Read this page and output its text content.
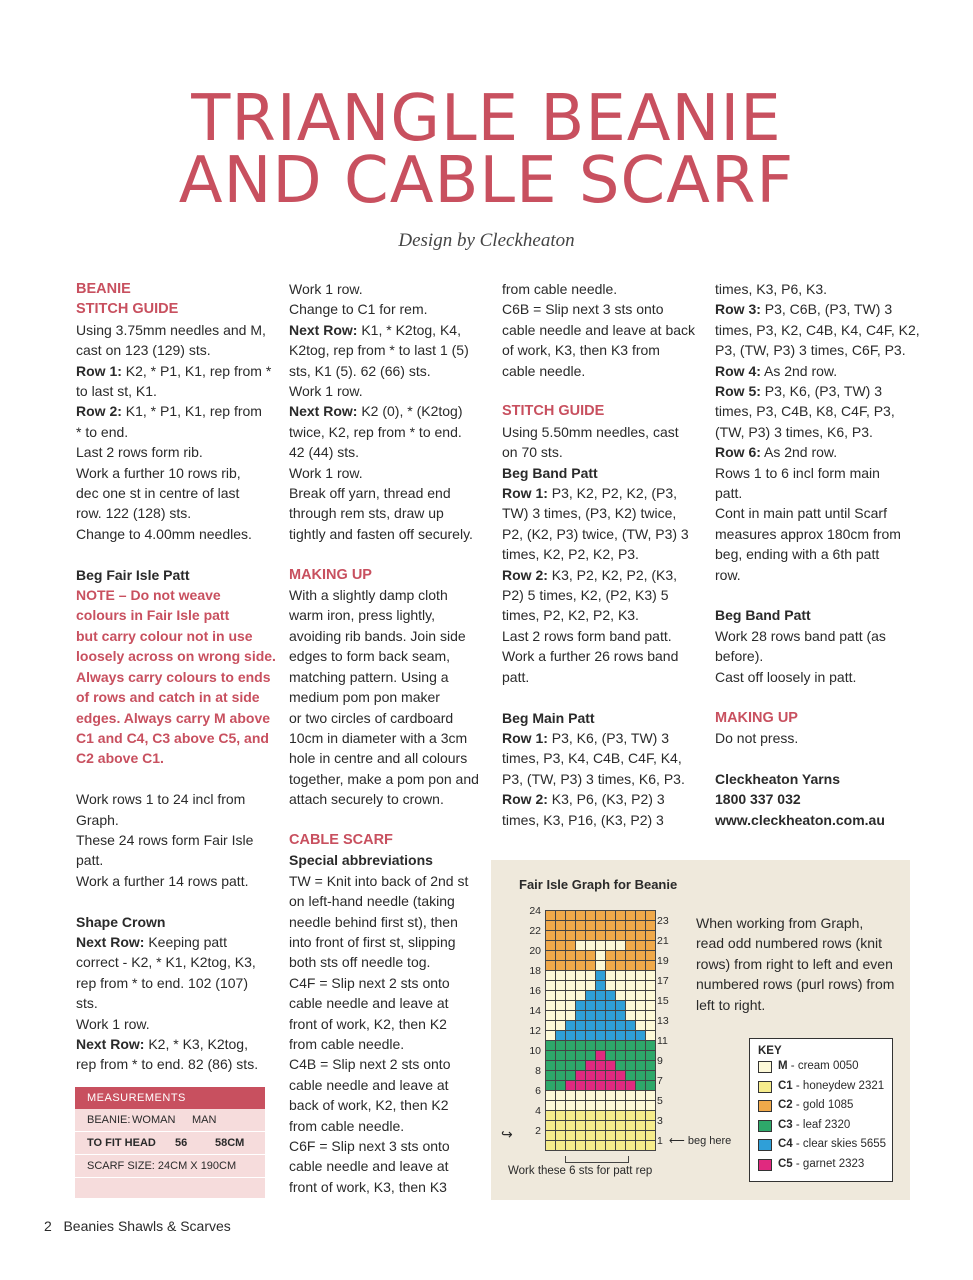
TRIANGLE BEANIE
AND CABLE SCARF
Design by Cleckheaton

BEANIE

STITCH GUIDE

Using 3.75mm needles and M,

cast on 123 (129) sts.

Row 1: K2, * P1, K1, rep from *

to last st, K1.

Row 2: K1, * P1, K1, rep from

* to end.

Last 2 rows form rib.

Work a further 10 rows rib,

dec one st in centre of last

row. 122 (128) sts.

Change to 4.00mm needles.

Beg Fair Isle Patt

NOTE – Do not weave

colours in Fair Isle patt

but carry colour not in use

loosely across on wrong side.

Always carry colours to ends

of rows and catch in at side

edges. Always carry M above

C1 and C4, C3 above C5, and

C2 above C1.

Work rows 1 to 24 incl from

Graph.

These 24 rows form Fair Isle

patt.

Work a further 14 rows patt.

Shape Crown

Next Row: Keeping patt

correct - K2, * K1, K2tog, K3,

rep from * to end. 102 (107)

sts.

Work 1 row.

Next Row: K2, * K3, K2tog,

rep from * to end. 82 (86) sts.

MEASUREMENTS
BEANIE: WOMAN	MAN
TO FIT HEAD	56	58CM
SCARF SIZE: 24CM X 190CM

Work 1 row.

Change to C1 for rem.

Next Row: K1, * K2tog, K4,

K2tog, rep from * to last 1 (5)

sts, K1 (5). 62 (66) sts.

Work 1 row.

Next Row: K2 (0), * (K2tog)

twice, K2, rep from * to end.

42 (44) sts.

Work 1 row.

Break off yarn, thread end

through rem sts, draw up

tightly and fasten off securely.

MAKING UP

With a slightly damp cloth

warm iron, press lightly,

avoiding rib bands. Join side

edges to form back seam,

matching pattern. Using a

medium pom pon maker

or two circles of cardboard

10cm in diameter with a 3cm

hole in centre and all colours

together, make a pom pon and

attach securely to crown.

CABLE SCARF

Special abbreviations

TW = Knit into back of 2nd st

on left-hand needle (taking

needle behind first st), then

into front of first st, slipping

both sts off needle tog.

C4F = Slip next 2 sts onto

cable needle and leave at

front of work, K2, then K2

from cable needle.

C4B = Slip next 2 sts onto

cable needle and leave at

back of work, K2, then K2

from cable needle.

C6F = Slip next 3 sts onto

cable needle and leave at

front of work, K3, then K3

from cable needle.

C6B = Slip next 3 sts onto

cable needle and leave at back

of work, K3, then K3 from

cable needle.

STITCH GUIDE

Using 5.50mm needles, cast

on 70 sts.

Beg Band Patt

Row 1: P3, K2, P2, K2, (P3,

TW) 3 times, (P3, K2) twice,

P2, (K2, P3) twice, (TW, P3) 3

times, K2, P2, K2, P3.

Row 2: K3, P2, K2, P2, (K3,

P2) 5 times, K2, (P2, K3) 5

times, P2, K2, P2, K3.

Last 2 rows form band patt.

Work a further 26 rows band

patt.

Beg Main Patt

Row 1: P3, K6, (P3, TW) 3

times, P3, K4, C4B, C4F, K4,

P3, (TW, P3) 3 times, K6, P3.

Row 2: K3, P6, (K3, P2) 3

times, K3, P16, (K3, P2) 3

times, K3, P6, K3.

Row 3: P3, C6B, (P3, TW) 3

times, P3, K2, C4B, K4, C4F, K2,

P3, (TW, P3) 3 times, C6F, P3.

Row 4: As 2nd row.

Row 5: P3, K6, (P3, TW) 3

times, P3, C4B, K8, C4F, P3,

(TW, P3) 3 times, K6, P3.

Row 6: As 2nd row.

Rows 1 to 6 incl form main

patt.

Cont in main patt until Scarf

measures approx 180cm from

beg, ending with a 6th patt

row.

Beg Band Patt

Work 28 rows band patt (as

before).

Cast off loosely in patt.

MAKING UP

Do not press.

Cleckheaton Yarns

1800 337 032

www.cleckheaton.com.au

Fair Isle Graph for Beanie
24
22
20
18
16
14
12
10
8
6
4
2
23
21
19
17
15
13
11
9
7
5
3
1
↪	⟵ beg here
Work these 6 sts for patt rep
When working from Graph,
read odd numbered rows (knit
rows) from right to left and even
numbered rows (purl rows) from
left to right.
KEY
M - cream 0050
C1 - honeydew 2321
C2 - gold 1085
C3 - leaf 2320
C4 - clear skies 5655
C5 - garnet 2323
2 Beanies Shawls & Scarves
